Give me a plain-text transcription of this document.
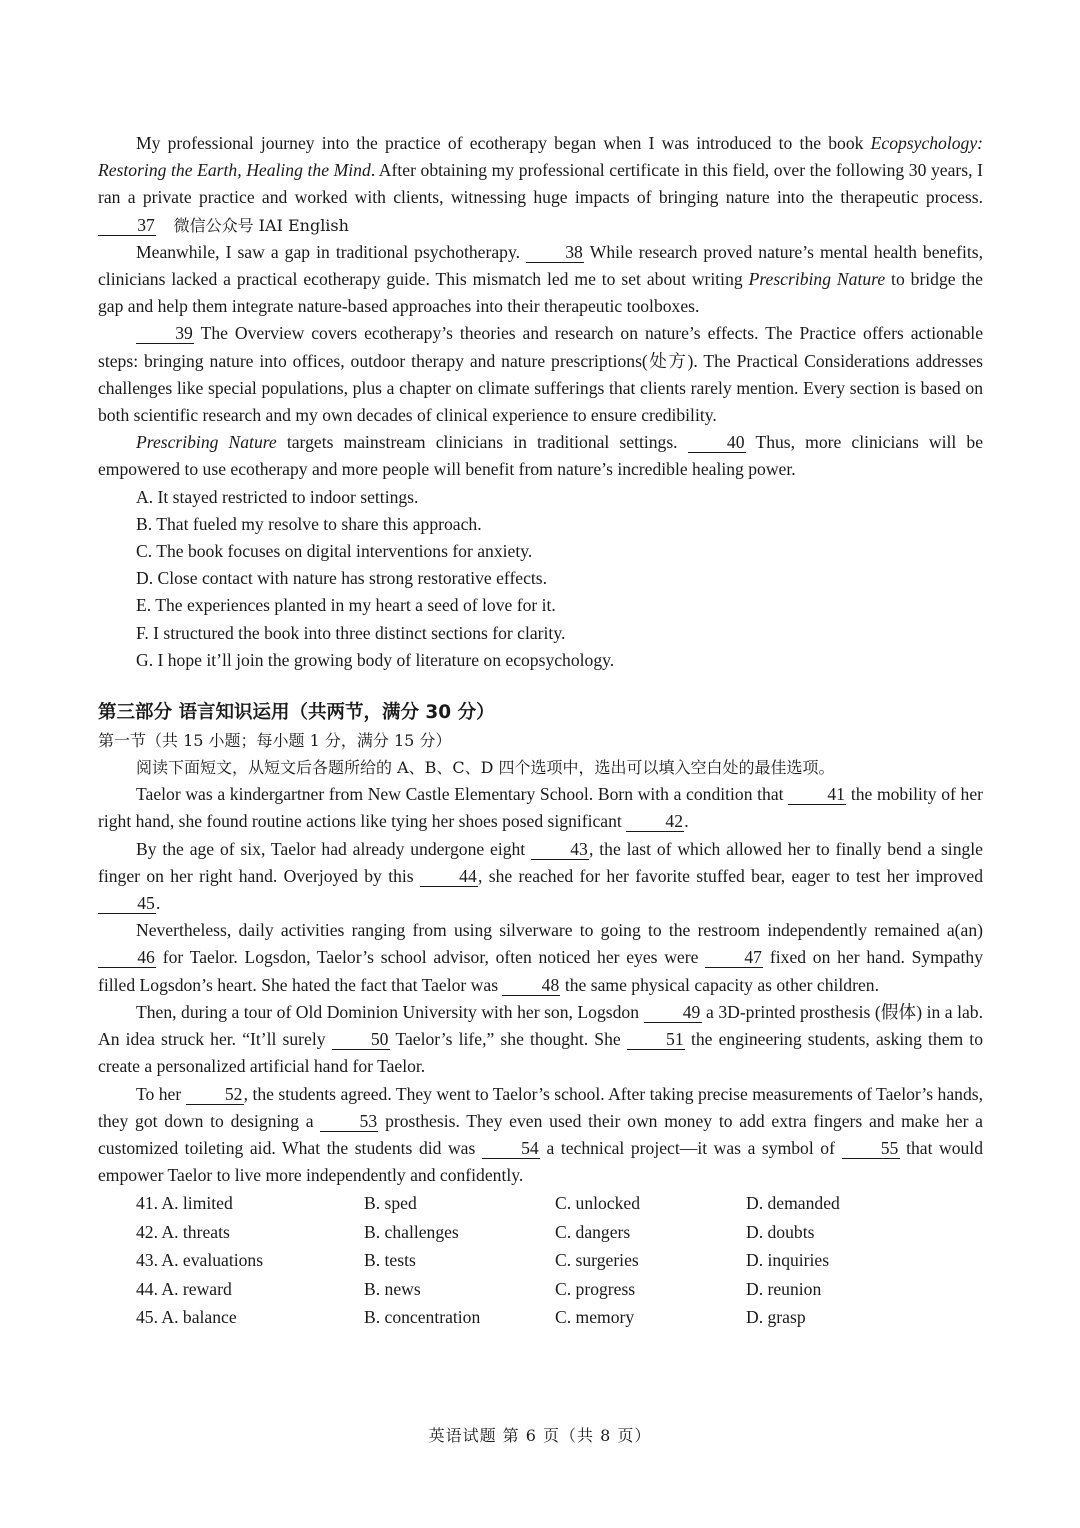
My professional journey into the practice of ecotherapy began when I was introduced to the book Ecopsychology: Restoring the Earth, Healing the Mind. After obtaining my professional certificate in this field, over the following 30 years, I ran a private practice and worked with clients, witnessing huge impacts of bringing nature into the therapeutic process. 37 微信公众号 IAI English

Meanwhile, I saw a gap in traditional psychotherapy. 38 While research proved nature’s mental health benefits, clinicians lacked a practical ecotherapy guide. This mismatch led me to set about writing Prescribing Nature to bridge the gap and help them integrate nature-based approaches into their therapeutic toolboxes.

39 The Overview covers ecotherapy’s theories and research on nature’s effects. The Practice offers actionable steps: bringing nature into offices, outdoor therapy and nature prescriptions(处方). The Practical Considerations addresses challenges like special populations, plus a chapter on climate sufferings that clients rarely mention. Every section is based on both scientific research and my own decades of clinical experience to ensure credibility.

Prescribing Nature targets mainstream clinicians in traditional settings. 40 Thus, more clinicians will be empowered to use ecotherapy and more people will benefit from nature’s incredible healing power.

A. It stayed restricted to indoor settings.
B. That fueled my resolve to share this approach.
C. The book focuses on digital interventions for anxiety.
D. Close contact with nature has strong restorative effects.
E. The experiences planted in my heart a seed of love for it.
F. I structured the book into three distinct sections for clarity.
G. I hope it’ll join the growing body of literature on ecopsychology.
第三部分 语言知识运用（共两节，满分 30 分）
第一节（共 15 小题；每小题 1 分，满分 15 分）

阅读下面短文，从短文后各题所给的 A、B、C、D 四个选项中，选出可以填入空白处的最佳选项。

Taelor was a kindergartner from New Castle Elementary School. Born with a condition that 41 the mobility of her right hand, she found routine actions like tying her shoes posed significant 42.

By the age of six, Taelor had already undergone eight 43, the last of which allowed her to finally bend a single finger on her right hand. Overjoyed by this 44, she reached for her favorite stuffed bear, eager to test her improved 45.

Nevertheless, daily activities ranging from using silverware to going to the restroom independently remained a(an) 46 for Taelor. Logsdon, Taelor’s school advisor, often noticed her eyes were 47 fixed on her hand. Sympathy filled Logsdon’s heart. She hated the fact that Taelor was 48 the same physical capacity as other children.

Then, during a tour of Old Dominion University with her son, Logsdon 49 a 3D-printed prosthesis (假体) in a lab. An idea struck her. “It’ll surely 50 Taelor’s life,” she thought. She 51 the engineering students, asking them to create a personalized artificial hand for Taelor.

To her 52, the students agreed. They went to Taelor’s school. After taking precise measurements of Taelor’s hands, they got down to designing a 53 prosthesis. They even used their own money to add extra fingers and make her a customized toileting aid. What the students did was 54 a technical project—it was a symbol of 55 that would empower Taelor to live more independently and confidently.

41. A. limited	B. sped	C. unlocked	D. demanded
42. A. threats	B. challenges	C. dangers	D. doubts
43. A. evaluations	B. tests	C. surgeries	D. inquiries
44. A. reward	B. news	C. progress	D. reunion
45. A. balance	B. concentration	C. memory	D. grasp
英语试题 第 6 页（共 8 页）
